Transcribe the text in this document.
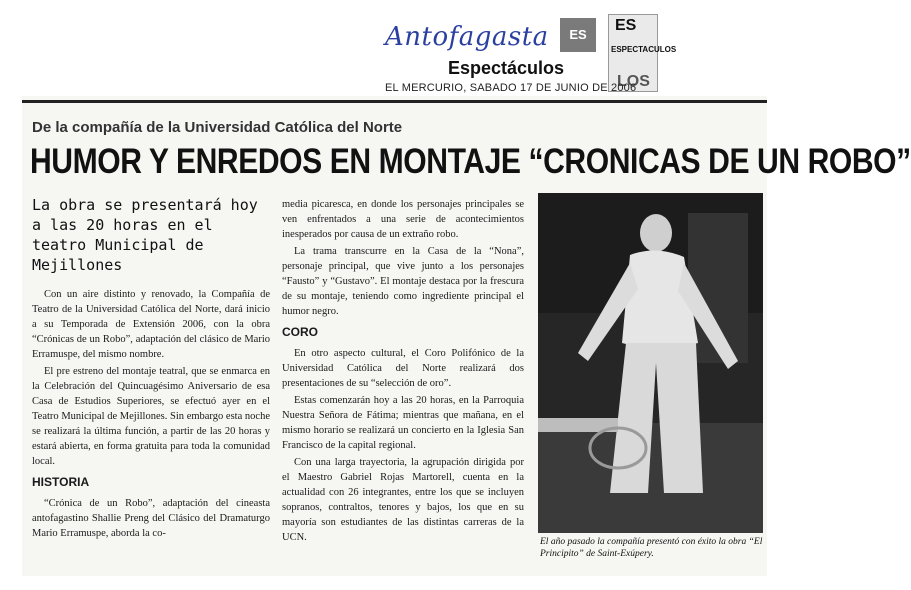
Antofagasta	ES
ES
ESPECTACULOS
LOS
Espectáculos
EL MERCURIO, SABADO 17 DE JUNIO DE 2006
De la compañía de la Universidad Católica del Norte
HUMOR Y ENREDOS EN MONTAJE “CRONICAS DE UN ROBO”
La obra se presentará hoy a las 20 horas en el teatro Municipal de Mejillones

Con un aire distinto y renovado, la Compañía de Teatro de la Universidad Católica del Norte, dará inicio a su Temporada de Extensión 2006, con la obra “Crónicas de un Robo”, adaptación del clásico de Mario Erramuspe, del mismo nombre.

El pre estreno del montaje teatral, que se enmarca en la Celebración del Quincuagésimo Aniversario de esa Casa de Estudios Superiores, se efectuó ayer en el Teatro Municipal de Mejillones. Sin embargo esta noche se realizará la última función, a partir de las 20 horas y estará abierta, en forma gratuita para toda la comunidad local.

HISTORIA

“Crónica de un Robo”, adaptación del cineasta antofagastino Shallie Preng del Clásico del Dramaturgo Mario Erramuspe, aborda la co-

media picaresca, en donde los personajes principales se ven enfrentados a una serie de acontecimientos inesperados por causa de un extraño robo.

La trama transcurre en la Casa de la “Nona”, personaje principal, que vive junto a los personajes “Fausto” y “Gustavo”. El montaje destaca por la frescura de su montaje, teniendo como ingrediente principal el humor negro.

CORO

En otro aspecto cultural, el Coro Polifónico de la Universidad Católica del Norte realizará dos presentaciones de su “selección de oro”.

Estas comenzarán hoy a las 20 horas, en la Parroquia Nuestra Señora de Fátima; mientras que mañana, en el mismo horario se realizará un concierto en la Iglesia San Francisco de la capital regional.

Con una larga trayectoria, la agrupación dirigida por el Maestro Gabriel Rojas Martorell, cuenta en la actualidad con 26 integrantes, entre los que se incluyen sopranos, contraltos, tenores y bajos, los que en su mayoría son estudiantes de las distintas carreras de la UCN.	El año pasado la compañía presentó con éxito la obra “El Principito” de Saint-Exúpery.
